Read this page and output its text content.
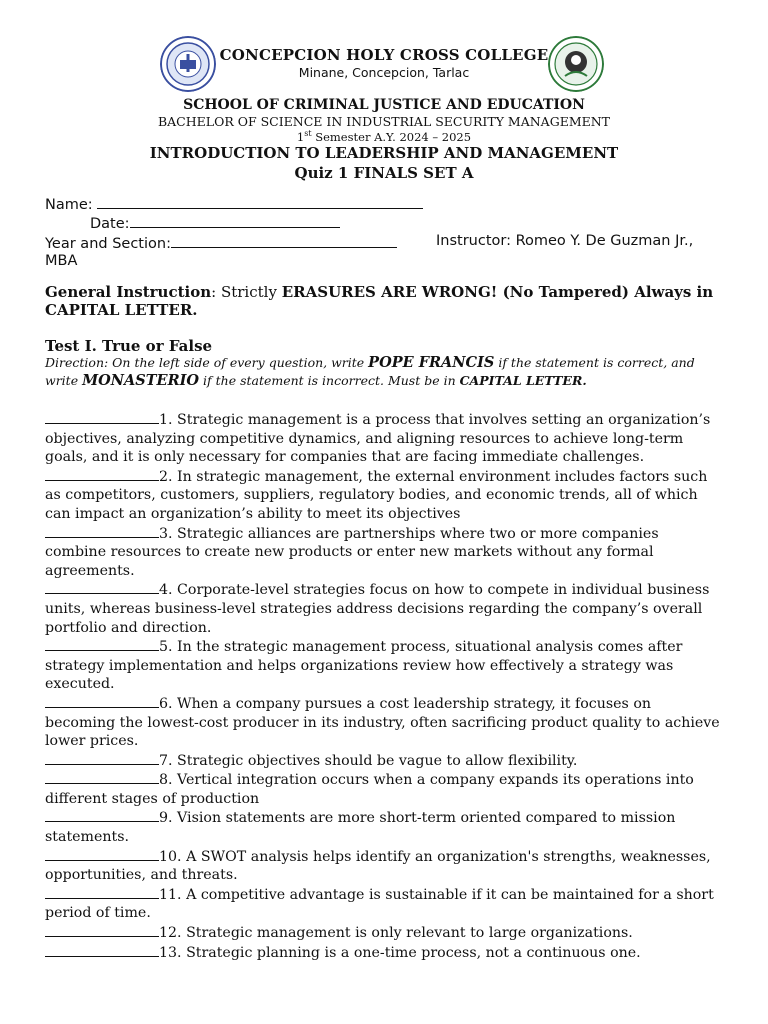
CONCEPCION HOLY CROSS COLLEGE
Minane, Concepcion, Tarlac
SCHOOL OF CRIMINAL JUSTICE AND EDUCATION
BACHELOR OF SCIENCE IN INDUSTRIAL SECURITY MANAGEMENT
1st Semester A.Y. 2024 – 2025
INTRODUCTION TO LEADERSHIP AND MANAGEMENT
Quiz 1 FINALS SET A
Name:
Date:
Year and Section:	Instructor: Romeo Y. De Guzman Jr.,
MBA
General Instruction: Strictly ERASURES ARE WRONG! (No Tampered) Always in CAPITAL LETTER.
Test I. True or False
Direction: On the left side of every question, write POPE FRANCIS if the statement is correct, and write MONASTERIO if the statement is incorrect. Must be in CAPITAL LETTER.

1. Strategic management is a process that involves setting an organization’s objectives, analyzing competitive dynamics, and aligning resources to achieve long-term goals, and it is only necessary for companies that are facing immediate challenges.

2. In strategic management, the external environment includes factors such as competitors, customers, suppliers, regulatory bodies, and economic trends, all of which can impact an organization’s ability to meet its objectives

3. Strategic alliances are partnerships where two or more companies combine resources to create new products or enter new markets without any formal agreements.

4. Corporate-level strategies focus on how to compete in individual business units, whereas business-level strategies address decisions regarding the company’s overall portfolio and direction.

5. In the strategic management process, situational analysis comes after strategy implementation and helps organizations review how effectively a strategy was executed.

6. When a company pursues a cost leadership strategy, it focuses on becoming the lowest-cost producer in its industry, often sacrificing product quality to achieve lower prices.

7. Strategic objectives should be vague to allow flexibility.

8. Vertical integration occurs when a company expands its operations into different stages of production

9. Vision statements are more short-term oriented compared to mission statements.

10. A SWOT analysis helps identify an organization's strengths, weaknesses, opportunities, and threats.

11. A competitive advantage is sustainable if it can be maintained for a short period of time.

12. Strategic management is only relevant to large organizations.

13. Strategic planning is a one-time process, not a continuous one.
